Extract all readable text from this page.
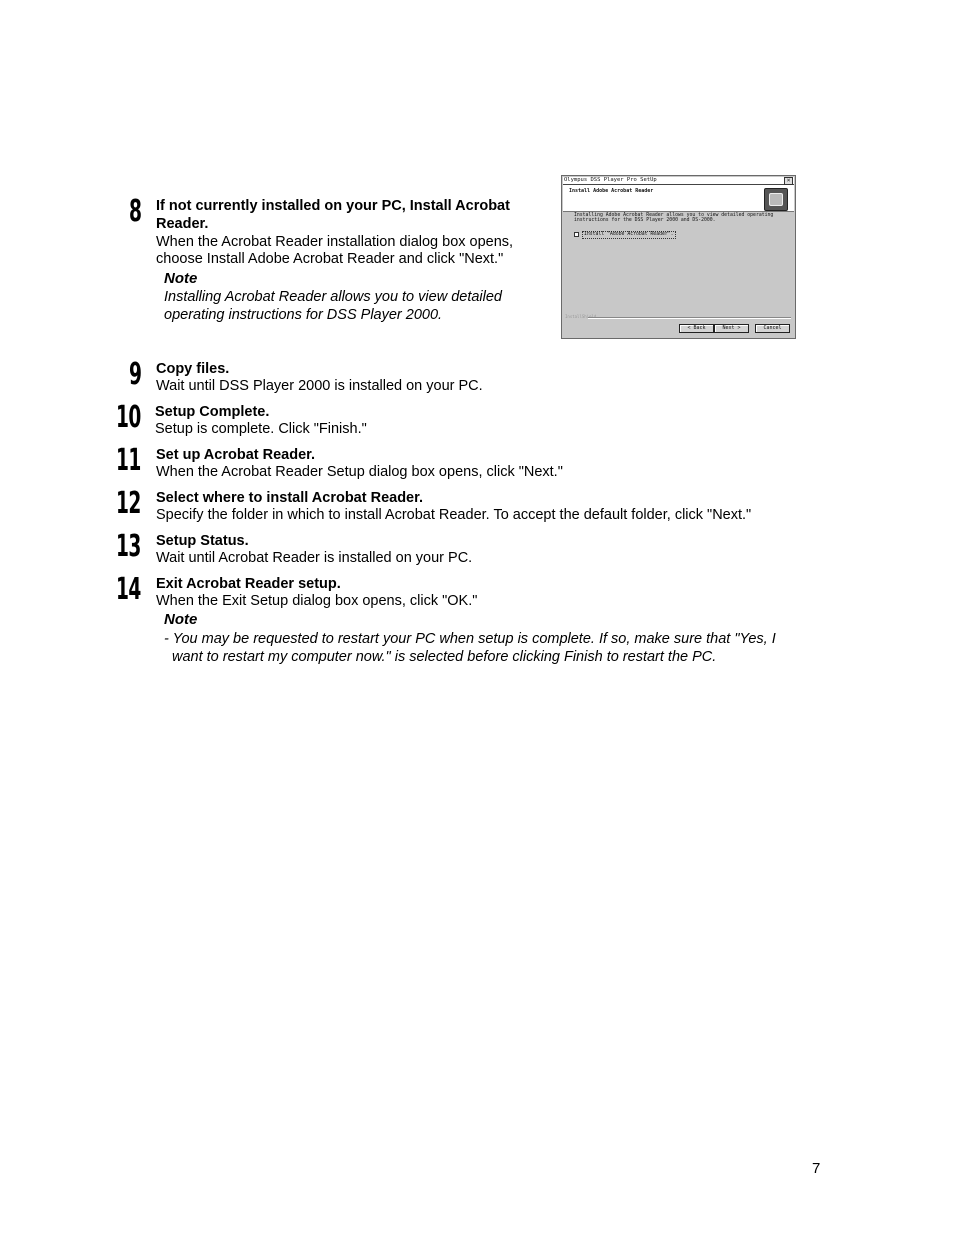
8 If not currently installed on your PC, Install Acrobat
Reader.
When the Acrobat Reader installation dialog box opens,
choose Install Adobe Acrobat Reader and click "Next."
Note
Installing Acrobat Reader allows you to view detailed
operating instructions for DSS Player 2000.
Olympus DSS Player Pro SetUp	×
Install Adobe Acrobat Reader
Installing Adobe Acrobat Reader allows you to view detailed operating
instructions for the DSS Player 2000 and DS-2000.
Install "Adobe Acrobat Reader".
InstallShield
< Back	Next >	Cancel
9 Copy files.
Wait until DSS Player 2000 is installed on your PC.
10 Setup Complete.
Setup is complete. Click "Finish."
11 Set up Acrobat Reader.
When the Acrobat Reader Setup dialog box opens, click "Next."
12 Select where to install Acrobat Reader.
Specify the folder in which to install Acrobat Reader. To accept the default folder, click "Next."
13 Setup Status.
Wait until Acrobat Reader is installed on your PC.
14 Exit Acrobat Reader setup.
When the Exit Setup dialog box opens, click "OK."
Note
- You may be requested to restart your PC when setup is complete. If so, make sure that "Yes, I
want to restart my computer now." is selected before clicking Finish to restart the PC.
7
